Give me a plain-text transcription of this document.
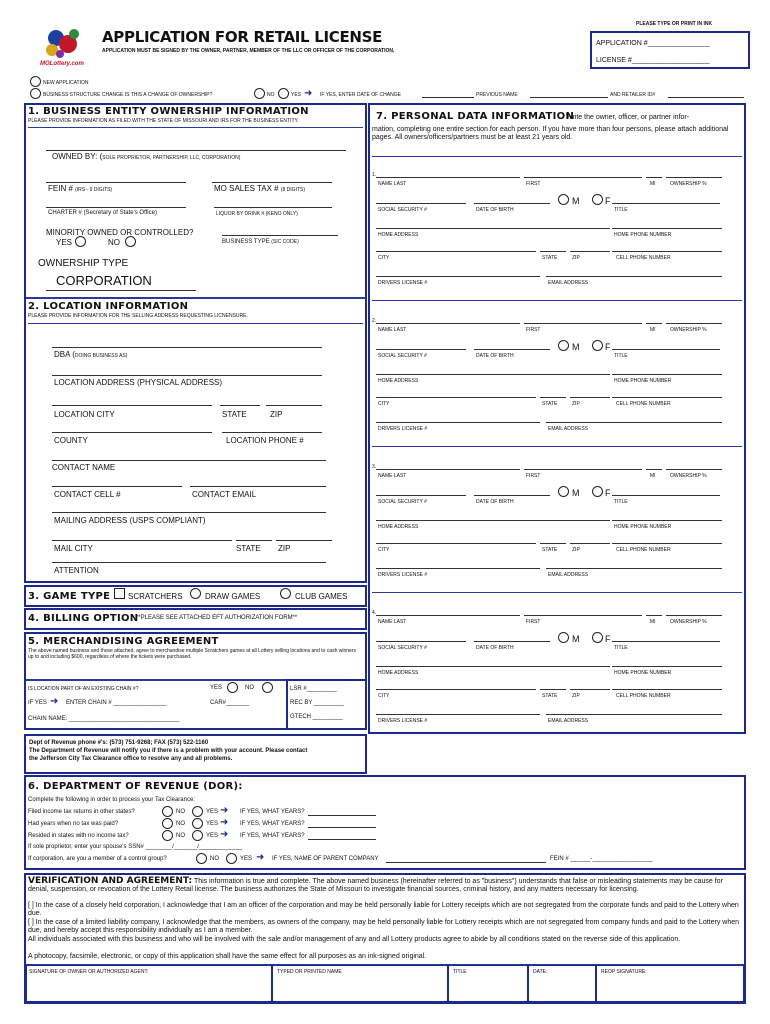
MOLottery.com
PLEASE TYPE OR PRINT IN INK
APPLICATION FOR RETAIL LICENSE
APPLICATION MUST BE SIGNED BY THE OWNER, PARTNER, MEMBER OF THE LLC OR OFFICER OF THE CORPORATION,
APPLICATION #________________
LICENSE #____________________
NEW APPLICATION
BUSINESS STRUCTURE CHANGE IS THIS A CHANGE OF OWNERSHIP?	NO	YES ➜ IF YES, ENTER DATE OF CHANGE	PREVIOUS NAME	AND RETAILER ID#
1. BUSINESS ENTITY OWNERSHIP INFORMATION
PLEASE PROVIDE INFORMATION AS FILED WITH THE STATE OF MISSOURI AND IRS FOR THE BUSINESS ENTITY.
OWNED BY: (SOLE PROPRIETOR, PARTNERSHIP, LLC, CORPORATION)
FEIN # (IRS - 9 DIGITS)	MO SALES TAX # (8 DIGITS)
CHARTER # (Secretary of State's Office)	LIQUOR BY DRINK # (KENO ONLY)
MINORITY OWNED OR CONTROLLED?
YES	NO	BUSINESS TYPE (SIC CODE)
OWNERSHIP TYPE
CORPORATION
2. LOCATION INFORMATION
PLEASE PROVIDE INFORMATION FOR THE SELLING ADDRESS REQUESTING LICNENSURE.
DBA (DOING BUSINESS AS)
LOCATION ADDRESS (PHYSICAL ADDRESS)
LOCATION CITY	STATE	ZIP
COUNTY	LOCATION PHONE #
CONTACT NAME
CONTACT CELL #	CONTACT EMAIL
MAILING ADDRESS (USPS COMPLIANT)
MAIL CITY	STATE ZIP
ATTENTION
3. GAME TYPE SCRATCHERS	DRAW GAMES	CLUB GAMES
4. BILLING OPTION
**PLEASE SEE ATTACHED EFT AUTHORIZATION FORM**
5. MERCHANDISING AGREEMENT
The above named business and those attached, agree to merchandise multiple Scratchers games at all Lottery selling locations and to cash winners up to and including $600, regardless of where the tickets were purchased.
IS LOCATION PART OF AN EXISTING CHAIN #?	YES	NO
IF YES ➜ ENTER CHAIN # ________________	CAR#_______
CHAIN NAME: _________________________________
LSR #_________
REC BY _________
GTECH _________
Dept of Revenue phone #'s: (573) 751-9268; FAX (573) 522-1160
The Department of Revenue will notify you if there is a problem with your account. Please contact
the Jefferson City Tax Clearance office to resolve any and all problems.
7. PERSONAL DATA INFORMATION
Write the owner, officer, or partner infor-
mation, completing one entire section for each person. If you have more than four persons, please attach additional pages. All owners/officers/partners must be at least 21 years old.
1.
NAME LAST	FIRST	MI	OWNERSHIP %
M	F
SOCIAL SECURITY #	DATE OF BIRTH	TITLE
HOME ADDRESS	HOME PHONE NUMBER
CITY	STATE	ZIP	CELL PHONE NUMBER
DRIVERS LICENSE #	EMAIL ADDRESS
2.
NAME LAST	FIRST	MI	OWNERSHIP %
M	F
SOCIAL SECURITY #	DATE OF BIRTH	TITLE
HOME ADDRESS	HOME PHONE NUMBER
CITY	STATE	ZIP	CELL PHONE NUMBER
DRIVERS LICENSE #	EMAIL ADDRESS
3.
NAME LAST	FIRST	MI	OWNERSHIP %
M	F
SOCIAL SECURITY #	DATE OF BIRTH	TITLE
HOME ADDRESS	HOME PHONE NUMBER
CITY	STATE	ZIP	CELL PHONE NUMBER
DRIVERS LICENSE #	EMAIL ADDRESS
4.
NAME LAST	FIRST	MI	OWNERSHIP %
M	F
SOCIAL SECURITY #	DATE OF BIRTH	TITLE
HOME ADDRESS	HOME PHONE NUMBER
CITY	STATE	ZIP	CELL PHONE NUMBER
DRIVERS LICENSE #	EMAIL ADDRESS
6. DEPARTMENT OF REVENUE (DOR):
Complete the following in order to process your Tax Clearance:
Filed income tax returns in other states?	NO	YES ➜ IF YES, WHAT YEARS?
Had years when no tax was paid?	NO	YES ➜ IF YES, WHAT YEARS?
Resided in states with no income tax?	NO	YES ➜ IF YES, WHAT YEARS?
If sole proprietor, enter your spouse's SSN# ________/_______/_____________
If corporation, are you a member of a control group?	NO	YES ➜ IF YES, NAME OF PARENT COMPANY	FEIN # ______-__________________
VERIFICATION AND AGREEMENT: This information is true and complete. The above named business (hereinafter referred to as "business") understands that false or misleading statements may be cause for denial, suspension, or revocation of the Lottery Retail license. The business authorizes the State of Missouri to investigate financial sources, criminal history, and any matters necessary for licensing.
[ ] In the case of a closely held corporation, I acknowledge that I am an officer of the corporation and may be held personally liable for Lottery receipts which are not segregated from the corporate funds and paid to the Lottery when due.
[ ] In the case of a limited liability company, I acknowledge that the members, as owners of the company, may be held personally liable for Lottery receipts which are not segregated from company funds and paid to the Lottery when due, and hereby accept this responsibility individually as I am a member.
All individuals associated with this business and who will be involved with the sale and/or management of any and all Lottery products agree to abide by all conditions stated on the reverse side of this application.
A photocopy, facsimile, electronic, or copy of this application shall have the same effect for all purposes as an ink-signed original.
SIGNATURE OF OWNER OR AUTHORIZED AGENT:	TYPED OR PRINTED NAME	TITLE	DATE:	REOP SIGNATURE:
